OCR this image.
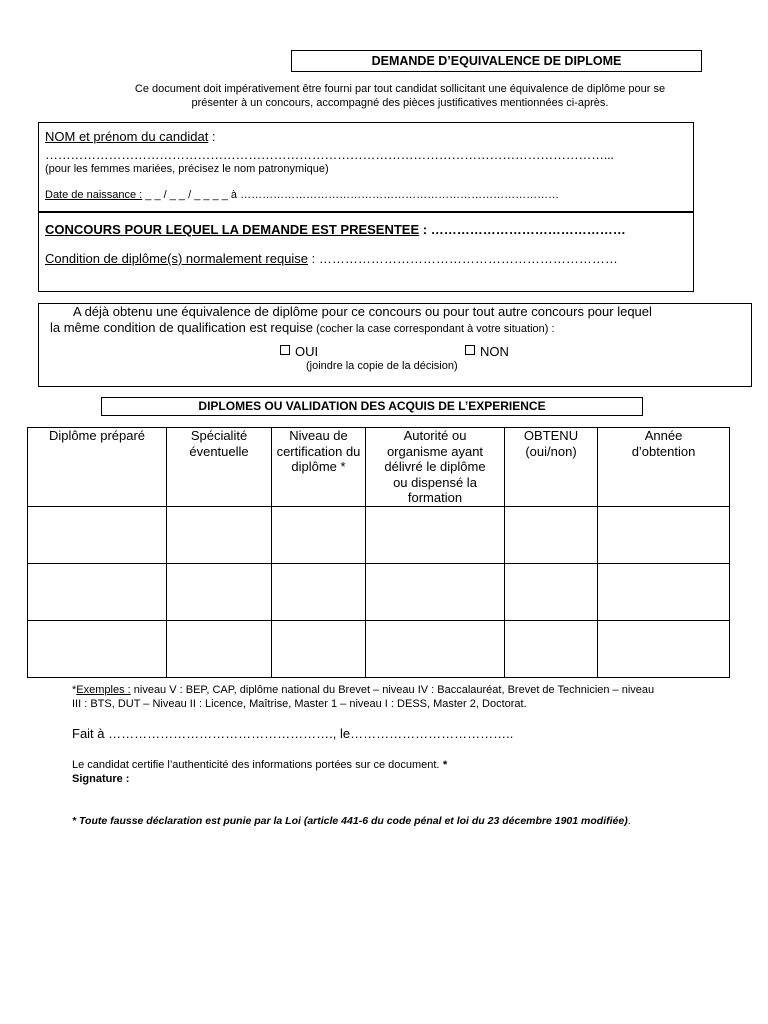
DEMANDE D’EQUIVALENCE DE DIPLOME
Ce document doit impérativement être fourni par tout candidat sollicitant une équivalence de diplôme pour se
présenter à un concours, accompagné des pièces justificatives mentionnées ci-après.
NOM et prénom du candidat :
……………………………………………………………………………………………………………………...
(pour les femmes mariées, précisez le nom patronymique)
Date de naissance : _ _ / _ _ / _ _ _ _ à ……………………………………………………………………………
CONCOURS POUR LEQUEL LA DEMANDE EST PRESENTEE : ………………………………………
Condition de diplôme(s) normalement requise : ……………………………………………………………
A déjà obtenu une équivalence de diplôme pour ce concours ou pour tout autre concours pour lequel
la même condition de qualification est requise (cocher la case correspondant à votre situation) :
OUI	NON
(joindre la copie de la décision)
DIPLOMES OU VALIDATION DES ACQUIS DE L’EXPERIENCE
Diplôme préparé	Spécialité éventuelle	Niveau de certification du diplôme *	Autorité ou organisme ayant délivré le diplôme ou dispensé la formation	OBTENU (oui/non)	Année d’obtention

*Exemples : niveau V : BEP, CAP, diplôme national du Brevet – niveau IV : Baccalauréat, Brevet de Technicien – niveau
III : BTS, DUT – Niveau II : Licence, Maîtrise, Master 1 – niveau I : DESS, Master 2, Doctorat.
Fait à ……………………………………………., le………………………………..
Le candidat certifie l’authenticité des informations portées sur ce document. *
Signature :
* Toute fausse déclaration est punie par la Loi (article 441-6 du code pénal et loi du 23 décembre 1901 modifiée).
